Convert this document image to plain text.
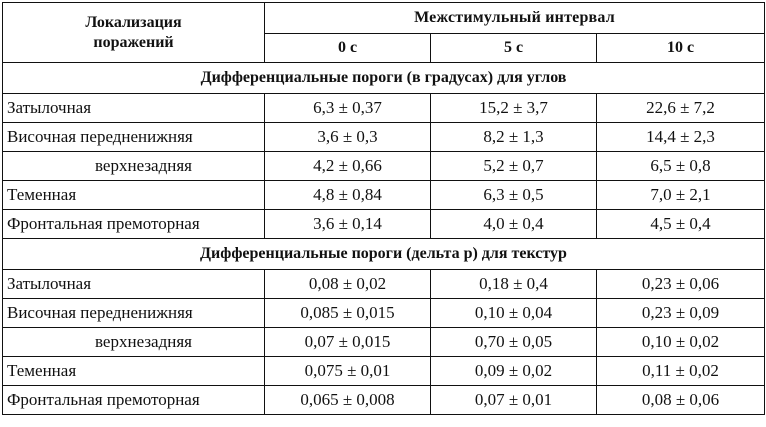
Локализация
поражений	Межстимульный интервал		
	0 с	5 с	10 с
Дифференциальные пороги (в градусах) для углов			
Затылочная	6,3 ± 0,37	15,2 ± 3,7	22,6 ± 7,2
Височная передненижняя	3,6 ± 0,3	8,2 ± 1,3	14,4 ± 2,3
верхнезадняя	4,2 ± 0,66	5,2 ± 0,7	6,5 ± 0,8
Теменная	4,8 ± 0,84	6,3 ± 0,5	7,0 ± 2,1
Фронтальная премоторная	3,6 ± 0,14	4,0 ± 0,4	4,5 ± 0,4
Дифференциальные пороги (дельта р) для текстур			
Затылочная	0,08 ± 0,02	0,18 ± 0,4	0,23 ± 0,06
Височная передненижняя	0,085 ± 0,015	0,10 ± 0,04	0,23 ± 0,09
верхнезадняя	0,07 ± 0,015	0,70 ± 0,05	0,10 ± 0,02
Теменная	0,075 ± 0,01	0,09 ± 0,02	0,11 ± 0,02
Фронтальная премоторная	0,065 ± 0,008	0,07 ± 0,01	0,08 ± 0,06
